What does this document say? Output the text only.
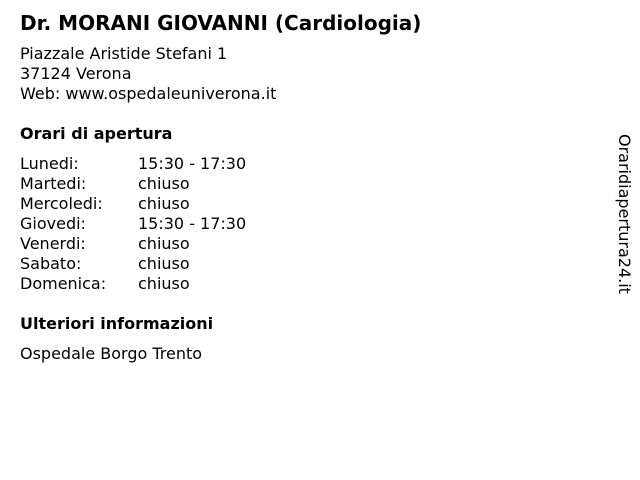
Dr. MORANI GIOVANNI (Cardiologia)
Piazzale Aristide Stefani 1
37124 Verona
Web: www.ospedaleuniverona.it
Orari di apertura
Lunedi:	15:30 - 17:30
Martedi:	chiuso
Mercoledi: chiuso
Giovedi:	15:30 - 17:30
Venerdi:	chiuso
Sabato:	chiuso
Domenica: chiuso
Ulteriori informazioni
Ospedale Borgo Trento
Oraridiapertura24.it
